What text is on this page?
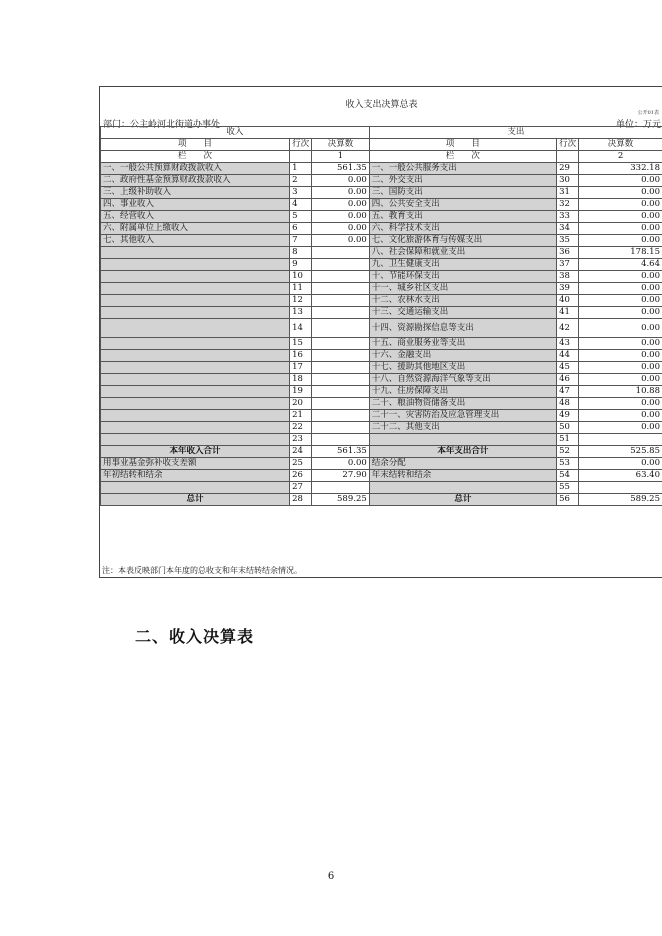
收入支出决算总表
公开01表
部门：公主岭河北街道办事处	单位：万元
收入			支出		
项　　目	行次	决算数	项　　目	行次	决算数
栏　　次		1	栏　　次		2
一、一般公共预算财政拨款收入	1	561.35	一、一般公共服务支出	29	332.18
二、政府性基金预算财政拨款收入	2	0.00	二、外交支出	30	0.00
三、上级补助收入	3	0.00	三、国防支出	31	0.00
四、事业收入	4	0.00	四、公共安全支出	32	0.00
五、经营收入	5	0.00	五、教育支出	33	0.00
六、附属单位上缴收入	6	0.00	六、科学技术支出	34	0.00
七、其他收入	7	0.00	七、文化旅游体育与传媒支出	35	0.00
	8		八、社会保障和就业支出	36	178.15
	9		九、卫生健康支出	37	4.64
	10		十、节能环保支出	38	0.00
	11		十一、城乡社区支出	39	0.00
	12		十二、农林水支出	40	0.00
	13		十三、交通运输支出	41	0.00
	14		十四、资源勘探信息等支出	42	0.00
	15		十五、商业服务业等支出	43	0.00
	16		十六、金融支出	44	0.00
	17		十七、援助其他地区支出	45	0.00
	18		十八、自然资源海洋气象等支出	46	0.00
	19		十九、住房保障支出	47	10.88
	20		二十、粮油物资储备支出	48	0.00
	21		二十一、灾害防治及应急管理支出	49	0.00
	22		二十二、其他支出	50	0.00
	23			51	
本年收入合计	24	561.35	本年支出合计	52	525.85
用事业基金弥补收支差额	25	0.00	结余分配	53	0.00
年初结转和结余	26	27.90	年末结转和结余	54	63.40
	27			55	
总计	28	589.25	总计	56	589.25
注：本表反映部门本年度的总收支和年末结转结余情况。
二、收入决算表
6
